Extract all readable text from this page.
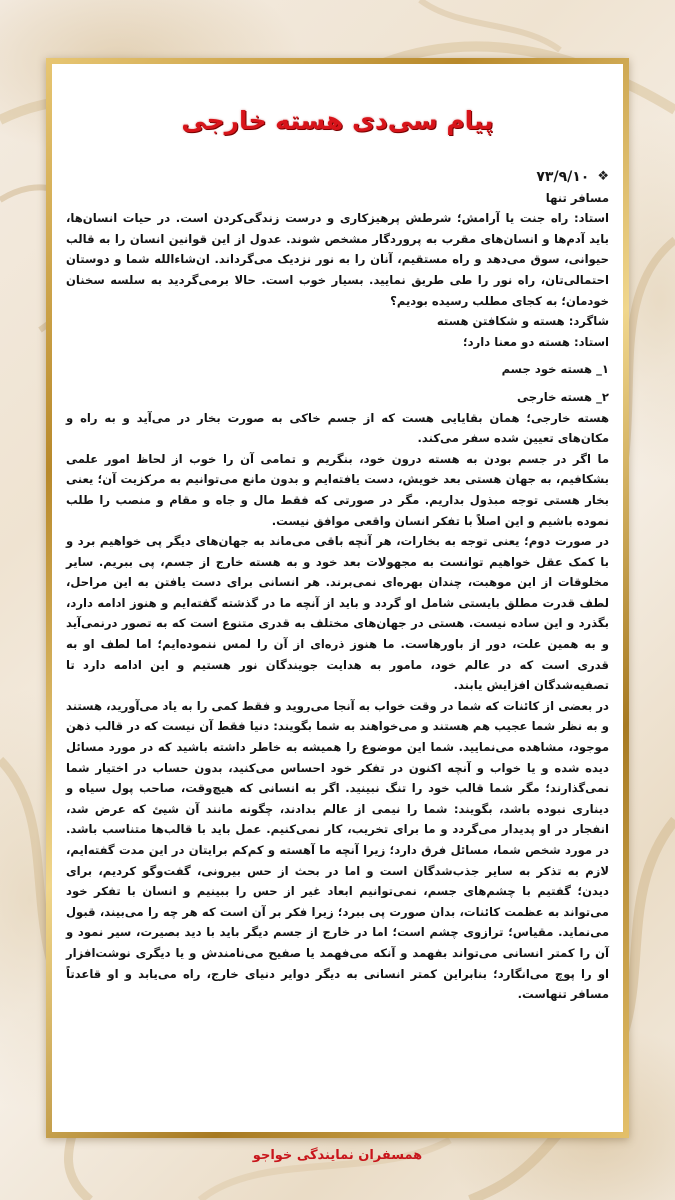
پیام سی‌دی هسته خارجی

❖
۷۳/۹/۱۰

مسافر تنها

استاد: راه جنت یا آرامش؛ شرطش پرهیزکاری و درست زندگی‌کردن است. در حیات انسان‌ها، باید آدم‌ها و انسان‌های مقرب به پروردگار مشخص شوند. عدول از این قوانین انسان را به قالب حیوانی، سوق می‌دهد و راه مستقیم، آنان را به نور نزدیک می‌گرداند. ان‌شاءالله شما و دوستان احتمالی‌تان، راه نور را طی طریق نمایید. بسیار خوب است. حالا برمی‌گردید به سلسه سخنان خودمان؛ به کجای مطلب رسیده بودیم؟

شاگرد: هسته و شکافتن هسته

استاد: هسته دو معنا دارد؛

۱_ هسته خود جسم

۲_ هسته خارجی

هسته خارجی؛ همان بقایایی هست که از جسم خاکی به صورت بخار در می‌آید و به راه و مکان‌های تعیین شده سفر می‌کند.

ما اگر در جسم بودن به هسته درون خود، بنگریم و تمامی آن را خوب از لحاظ امور علمی بشکافیم، به جهان هستی بعد خویش، دست یافته‌ایم و بدون مانع می‌توانیم به مرکزیت آن؛ یعنی بخار هستی توجه مبذول بداریم. مگر در صورتی که فقط مال و جاه و مقام و منصب را طلب نموده باشیم و این اصلاً با تفکر انسان واقعی موافق نیست.

در صورت دوم؛ یعنی توجه به بخارات، هر آنچه باقی می‌ماند به جهان‌های دیگر پی خواهیم برد و با کمک عقل خواهیم توانست به مجهولات بعد خود و به هسته خارج از جسم، پی ببریم. سایر مخلوقات از این موهبت، چندان بهره‌ای نمی‌برند. هر انسانی برای دست یافتن به این مراحل، لطف قدرت مطلق بایستی شامل او گردد و باید از آنچه ما در گذشته گفته‌ایم و هنوز ادامه دارد، بگذرد و این ساده نیست. هستی در جهان‌های مختلف به قدری متنوع است که به تصور درنمی‌آید و به همین علت، دور از باورهاست. ما هنوز ذره‌ای از آن را لمس ننموده‌ایم؛ اما لطف او به قدری است که در عالم خود، مامور به هدایت جویندگان نور هستیم و این ادامه دارد تا تصفیه‌شدگان افزایش یابند.

در بعضی از کائنات که شما در وقت خواب به آنجا می‌روید و فقط کمی را به یاد می‌آورید، هستند و به نظر شما عجیب هم هستند و می‌خواهند به شما بگویند: دنیا فقط آن نیست که در قالب ذهن موجود، مشاهده می‌نمایید. شما این موضوع را همیشه به خاطر داشته باشید که در مورد مسائل دیده شده و یا خواب و آنچه اکنون در تفکر خود احساس می‌کنید، بدون حساب در اختیار شما نمی‌گذارند؛ مگر شما قالب خود را تنگ نبینید. اگر به انسانی که هیچ‌وقت، صاحب پول سیاه و دیناری نبوده باشد، بگویند: شما را نیمی از عالم بدادند، چگونه مانند آن شیئ که عرض شد، انفجار در او پدیدار می‌گردد و ما برای تخریب، کار نمی‌کنیم. عمل باید با قالب‌ها متناسب باشد. در مورد شخص شما، مسائل فرق دارد؛ زیرا آنچه ما آهسته و کم‌کم برایتان در این مدت گفته‌ایم، لازم به تذکر به سایر جذب‌شدگان است و اما در بحث از حس بیرونی، گفت‌وگو کردیم، برای دیدن؛ گفتیم با چشم‌های جسم، نمی‌توانیم ابعاد غیر از حس را ببینیم و انسان با تفکر خود می‌تواند به عظمت کائنات، بدان صورت پی ببرد؛ زیرا فکر بر آن است که هر چه را می‌بیند، قبول می‌نماید. مقیاس؛ ترازوی چشم است؛ اما در خارج از جسم دیگر باید با دید بصیرت، سیر نمود و آن را کمتر انسانی می‌تواند بفهمد و آنکه می‌فهمد یا صفیح می‌نامندش و یا دیگری نوشت‌افزار او را پوچ می‌انگارد؛ بنابراین کمتر انسانی به دیگر دوایر دنیای خارج، راه می‌یابد و او قاعدتاً مسافر تنهاست.

همسفران نمایندگی خواجو
